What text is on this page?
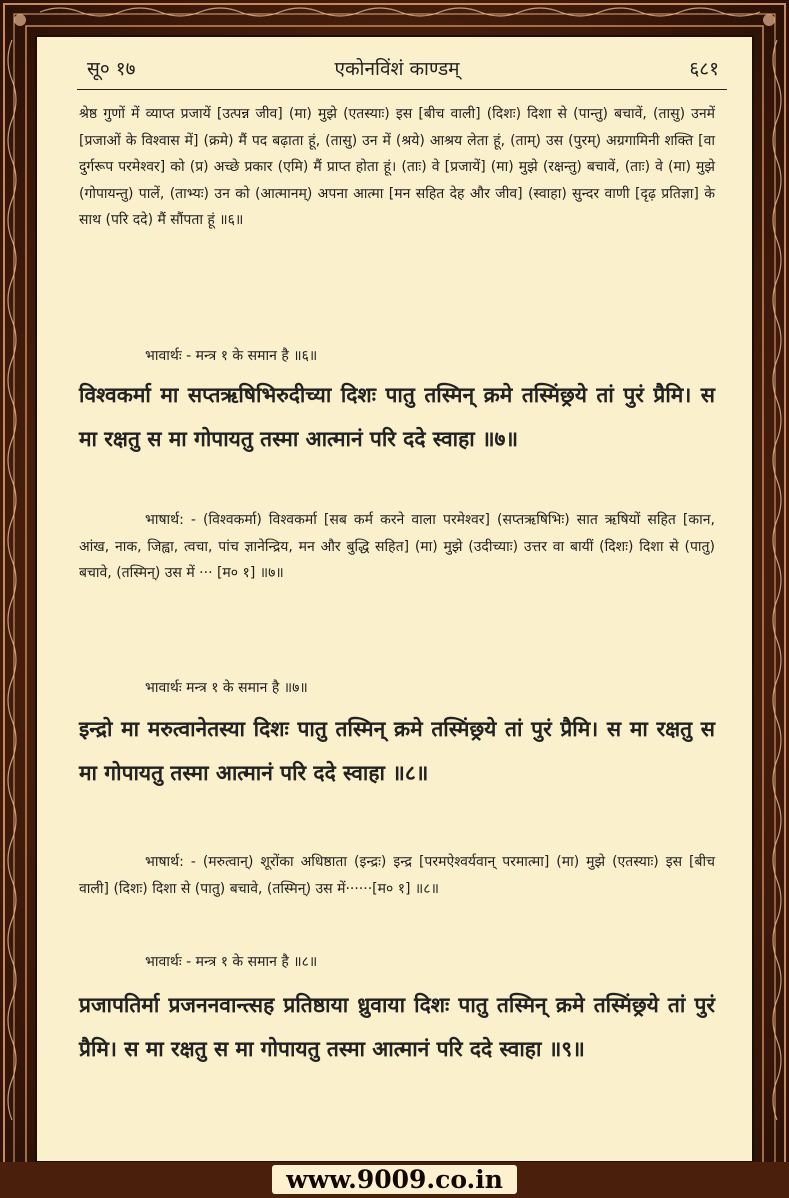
एकोनविंशं काण्डम्
सू० १७	६८१
श्रेष्ठ गुणों में व्याप्त प्रजायें [उत्पन्न जीव] (मा) मुझे (एतस्याः) इस [बीच वाली] (दिशः) दिशा से (पान्तु) बचावें, (तासु) उनमें [प्रजाओं के विश्वास में] (क्रमे) मैं पद बढ़ाता हूं, (तासु) उन में (श्रये) आश्रय लेता हूं, (ताम्) उस (पुरम्) अग्रगामिनी शक्ति [वा दुर्गरूप परमेश्वर] को (प्र) अच्छे प्रकार (एमि) मैं प्राप्त होता हूं। (ताः) वे [प्रजायें] (मा) मुझे (रक्षन्तु) बचावें, (ताः) वे (मा) मुझे (गोपायन्तु) पालें, (ताभ्यः) उन को (आत्मानम्) अपना आत्मा [मन सहित देह और जीव] (स्वाहा) सुन्दर वाणी [दृढ़ प्रतिज्ञा] के साथ (परि ददे) मैं सौंपता हूं ॥६॥
भावार्थः - मन्त्र १ के समान है ॥६॥
विश्वकर्मा मा सप्तऋषिभिरुदीच्या दिशः पातु तस्मिन् क्रमे तस्मिंछ्रये तां पुरं प्रैमि। स मा रक्षतु स मा गोपायतु तस्मा आत्मानं परि ददे स्वाहा ॥७॥
भाषार्थ: - (विश्वकर्मा) विश्वकर्मा [सब कर्म करने वाला परमेश्वर] (सप्तऋषिभिः) सात ऋषियों सहित [कान, आंख, नाक, जिह्वा, त्वचा, पांच ज्ञानेन्द्रिय, मन और बुद्धि सहित] (मा) मुझे (उदीच्याः) उत्तर वा बायीं (दिशः) दिशा से (पातु) बचावे, (तस्मिन्) उस में ··· [म० १] ॥७॥
भावार्थः मन्त्र १ के समान है ॥७॥
इन्द्रो मा मरुत्वानेतस्या दिशः पातु तस्मिन् क्रमे तस्मिंछ्रये तां पुरं प्रैमि। स मा रक्षतु स मा गोपायतु तस्मा आत्मानं परि ददे स्वाहा ॥८॥
भाषार्थ: - (मरुत्वान्) शूरोंका अधिष्ठाता (इन्द्रः) इन्द्र [परमऐश्वर्यवान् परमात्मा] (मा) मुझे (एतस्याः) इस [बीच वाली] (दिशः) दिशा से (पातु) बचावे, (तस्मिन्) उस में······[म० १] ॥८॥
भावार्थः - मन्त्र १ के समान है ॥८॥
प्रजापतिर्मा प्रजननवान्त्सह प्रतिष्ठाया ध्रुवाया दिशः पातु तस्मिन् क्रमे तस्मिंछ्रये तां पुरं प्रैमि। स मा रक्षतु स मा गोपायतु तस्मा आत्मानं परि ददे स्वाहा ॥९॥
www.9009.co.in
